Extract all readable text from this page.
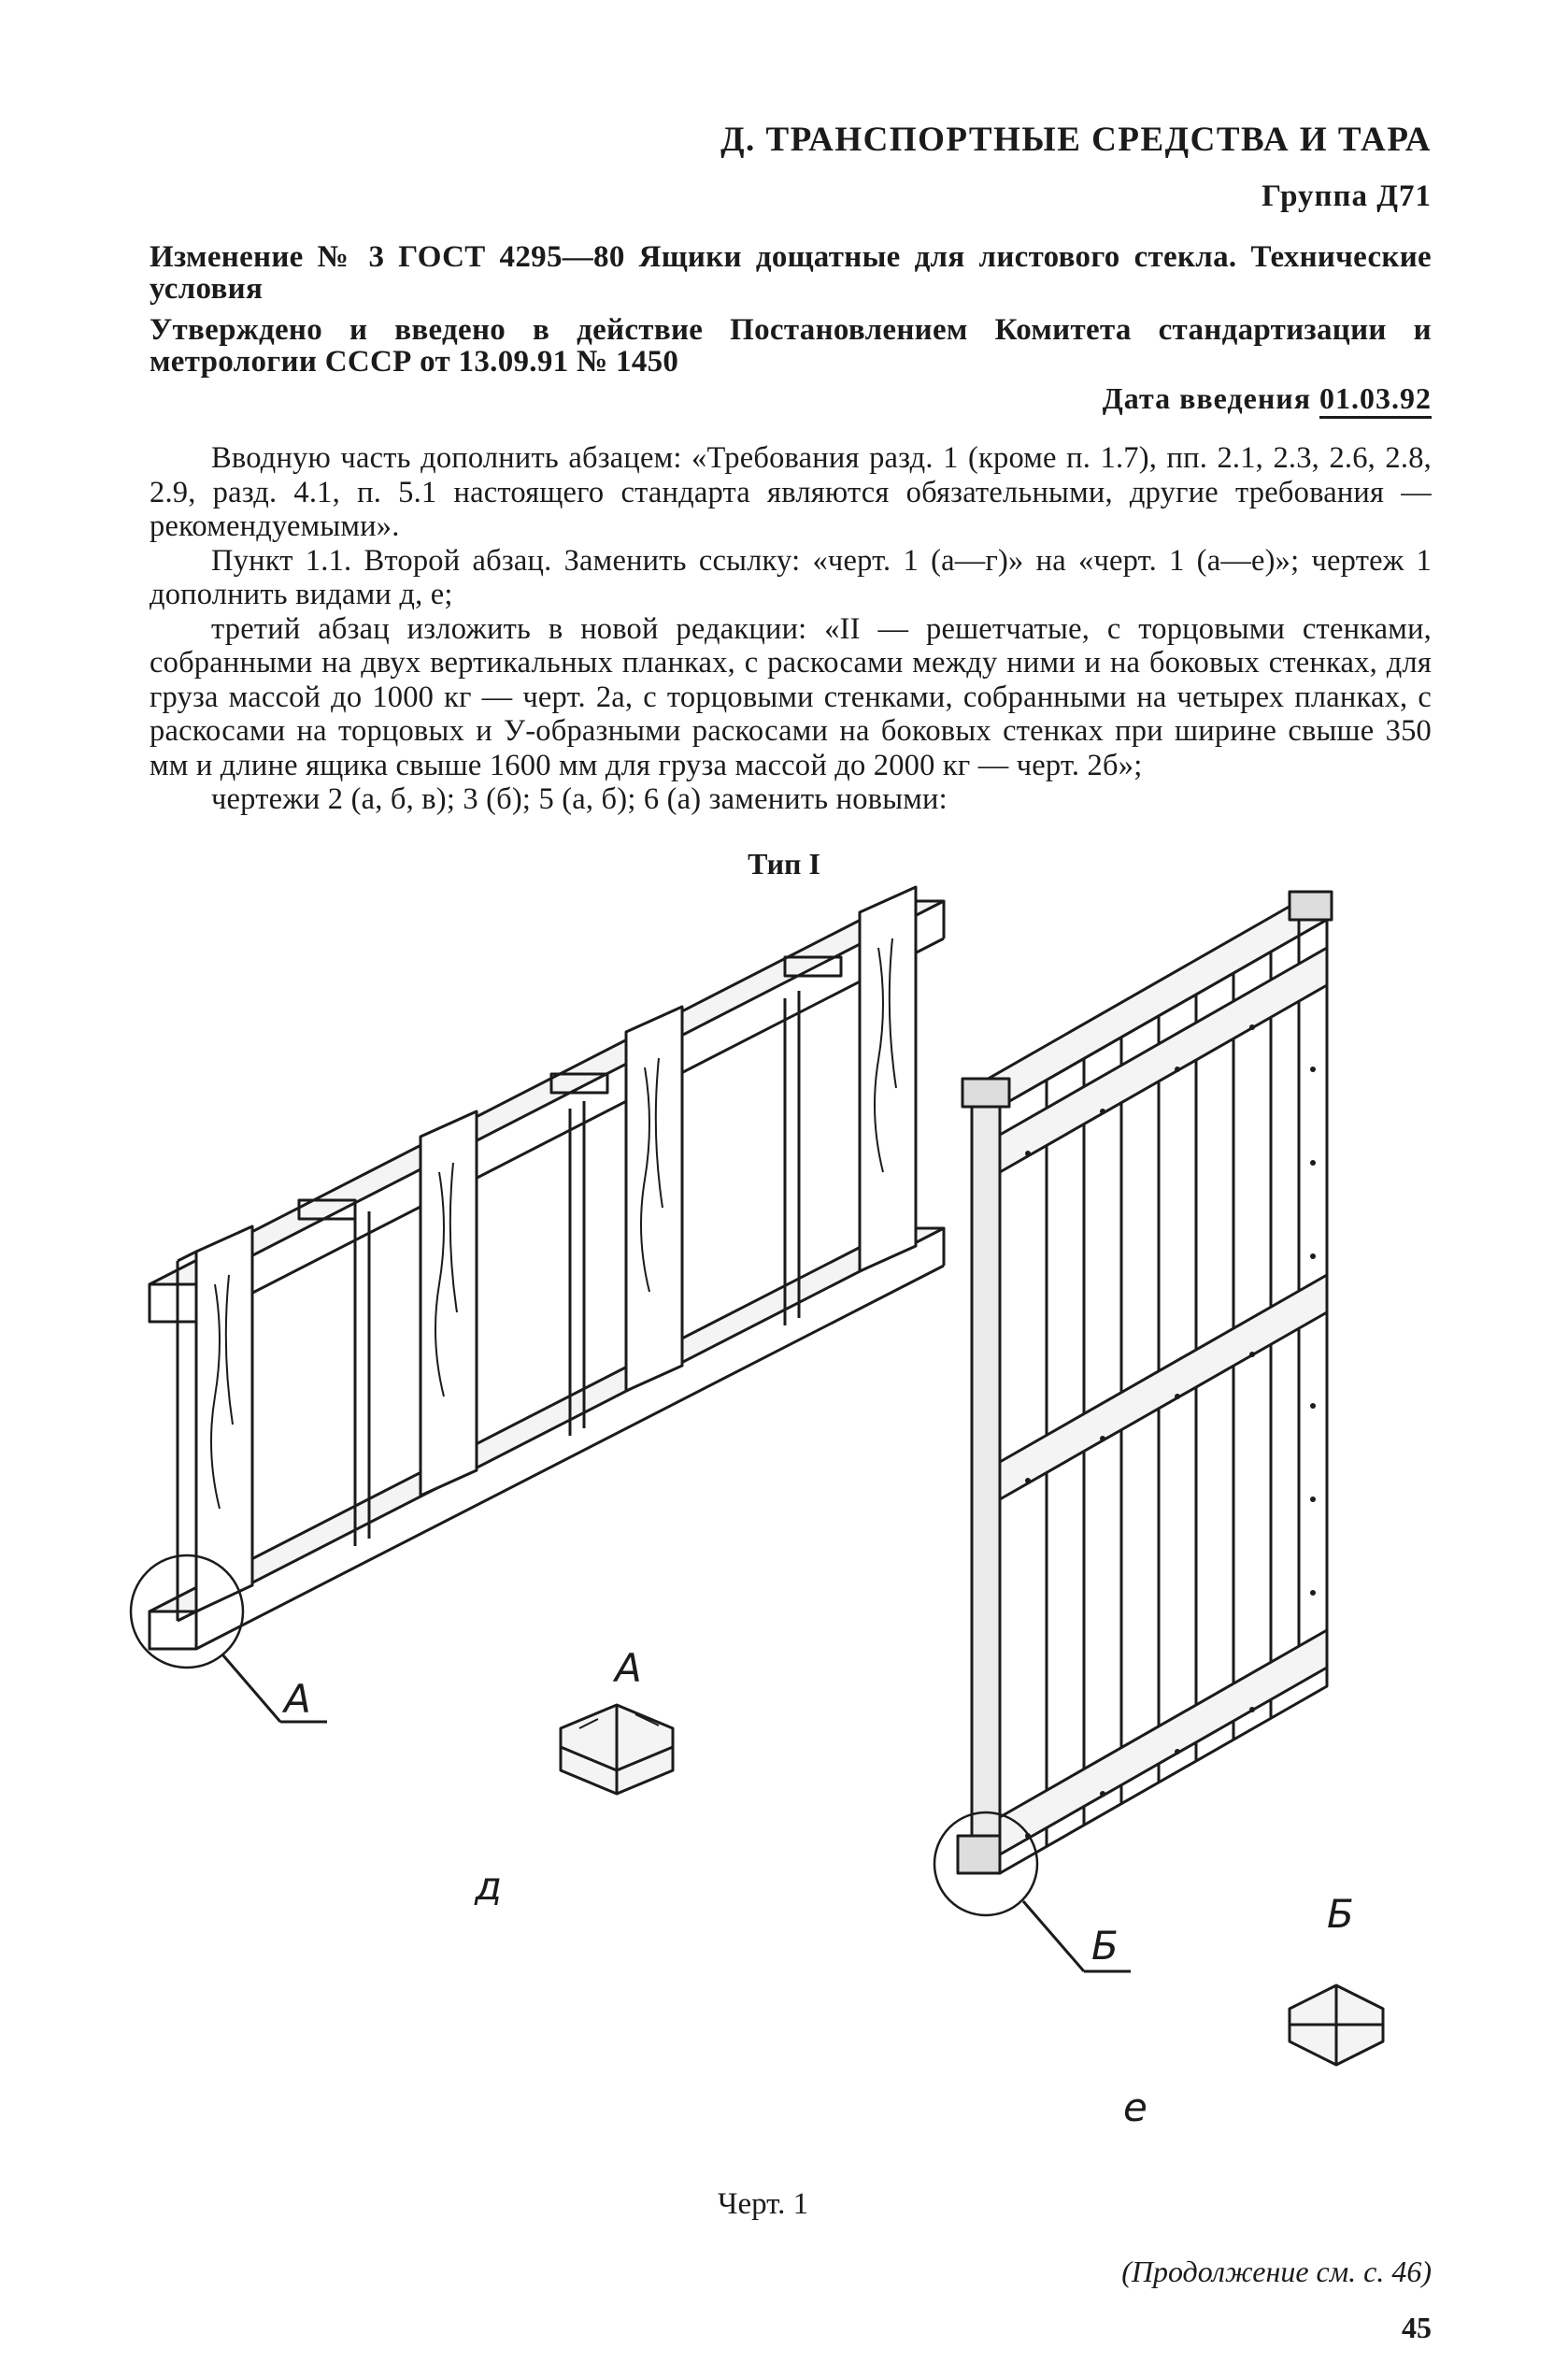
Д. ТРАНСПОРТНЫЕ СРЕДСТВА И ТАРА
Группа Д71
Изменение № 3 ГОСТ 4295—80 Ящики дощатные для листового стекла. Технические условия
Утверждено и введено в действие Постановлением Комитета стандартизации и метрологии СССР от 13.09.91 № 1450
Дата введения 01.03.92

Вводную часть дополнить абзацем: «Требования разд. 1 (кроме п. 1.7), пп. 2.1, 2.3, 2.6, 2.8, 2.9, разд. 4.1, п. 5.1 настоящего стандарта являются обязательными, другие требования — рекомендуемыми».

Пункт 1.1. Второй абзац. Заменить ссылку: «черт. 1 (а—г)» на «черт. 1 (а—е)»; чертеж 1 дополнить видами д, е;

третий абзац изложить в новой редакции: «II — решетчатые, с торцовыми стенками, собранными на двух вертикальных планках, с раскосами между ними и на боковых стенках, для груза массой до 1000 кг — черт. 2а, с торцовыми стенками, собранными на четырех планках, с раскосами на торцовых и У-образными раскосами на боковых стенках при ширине свыше 350 мм и длине ящика свыше 1600 мм для груза массой до 2000 кг — черт. 2б»;

чертежи 2 (а, б, в); 3 (б); 5 (а, б); 6 (а) заменить новыми:

Тип I
А
А
д
Б
Б
е
Черт. 1
(Продолжение см. с. 46)
45
